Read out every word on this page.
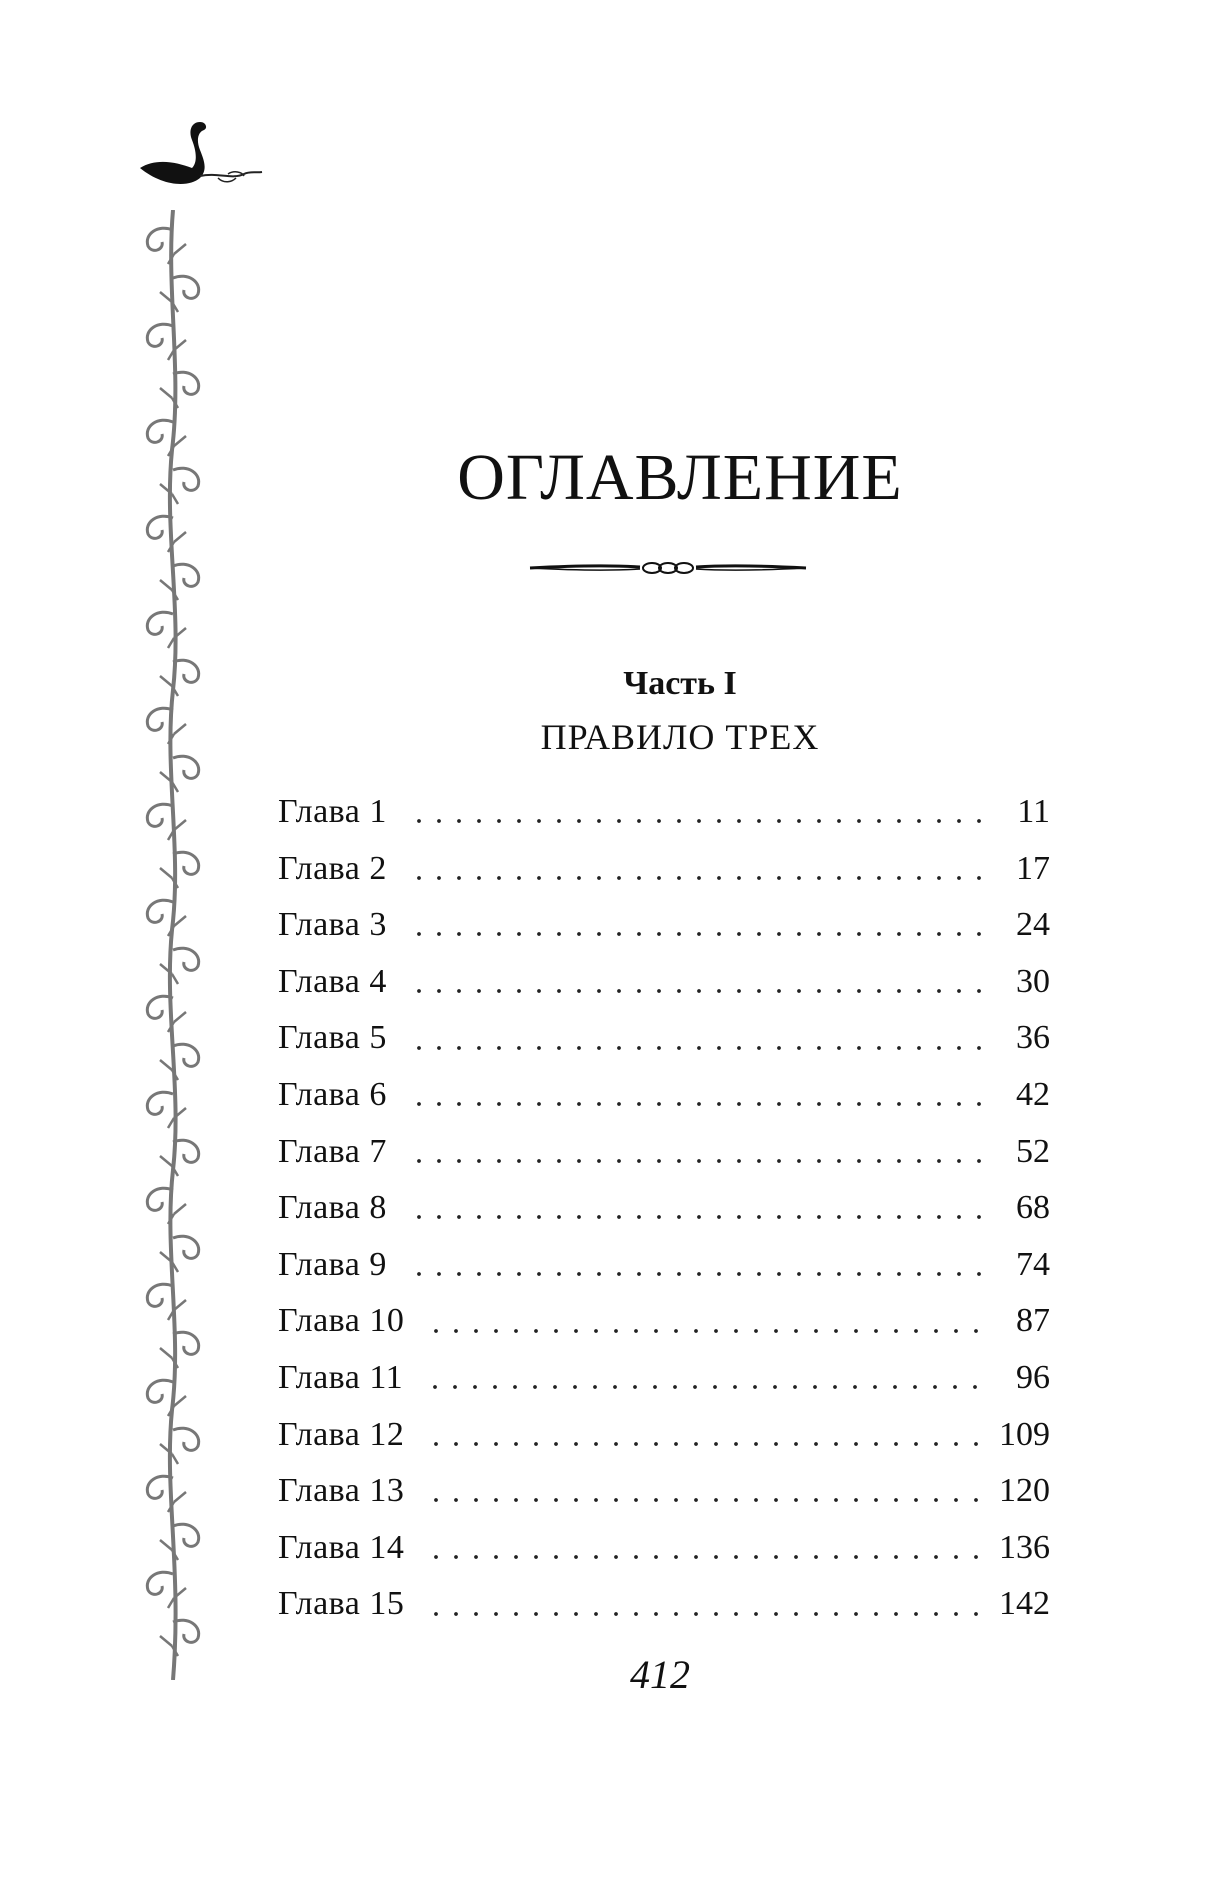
ОГЛАВЛЕНИЕ
Часть I
ПРАВИЛО ТРЕХ
Глава 1	11
Глава 2	17
Глава 3	24
Глава 4	30
Глава 5	36
Глава 6	42
Глава 7	52
Глава 8	68
Глава 9	74
Глава 10	87
Глава 11	96
Глава 12	109
Глава 13	120
Глава 14	136
Глава 15	142
412
